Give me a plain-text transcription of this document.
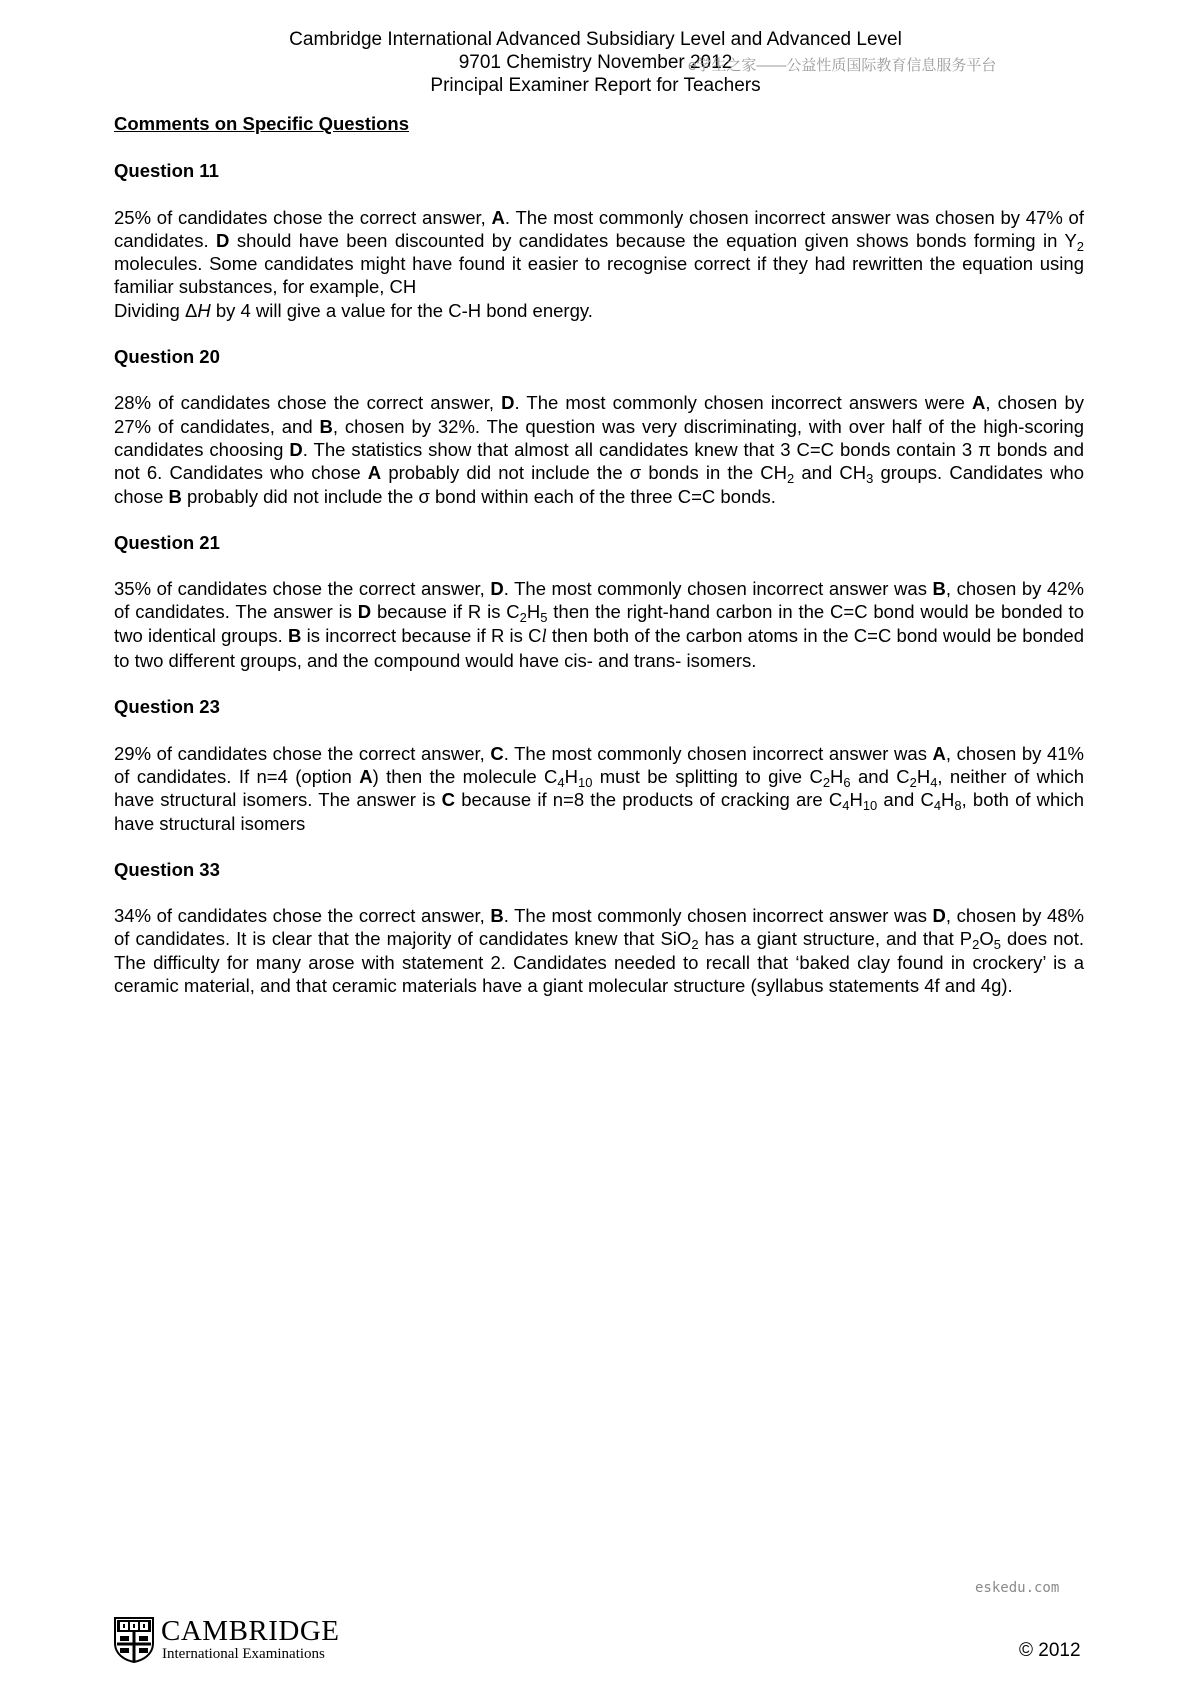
Cambridge International Advanced Subsidiary Level and Advanced Level
9701 Chemistry November 2012
Principal Examiner Report for Teachers
e学生之家——公益性质国际教育信息服务平台
Comments on Specific Questions
Question 11
25% of candidates chose the correct answer, A. The most commonly chosen incorrect answer was chosen by 47% of candidates. D should have been discounted by candidates because the equation given shows bonds forming in $Y_2$ molecules. Some candidates might have found it easier to recognise correct if they had rewritten the equation using familiar substances, for example, CH
Dividing ΔH by 4 will give a value for the C-H bond energy.
Question 20
28% of candidates chose the correct answer, D. The most commonly chosen incorrect answers were A, chosen by 27% of candidates, and B, chosen by 32%. The question was very discriminating, with over half of the high-scoring candidates choosing D. The statistics show that almost all candidates knew that 3 C=C bonds contain 3 π bonds and not 6. Candidates who chose A probably did not include the σ bonds in the $CH_2$ and $CH_3$ groups. Candidates who chose B probably did not include the σ bond within each of the three C=C bonds.
Question 21
35% of candidates chose the correct answer, D. The most commonly chosen incorrect answer was B, chosen by 42% of candidates. The answer is D because if R is $C_2H_5$ then the right-hand carbon in the C=C bond would be bonded to two identical groups. B is incorrect because if R is Cl then both of the carbon atoms in the C=C bond would be bonded to two different groups, and the compound would have cis- and trans- isomers.
Question 23
29% of candidates chose the correct answer, C. The most commonly chosen incorrect answer was A, chosen by 41% of candidates. If n=4 (option A) then the molecule $C_4H_{10}$ must be splitting to give $C_2H_6$ and $C_2H_4$, neither of which have structural isomers. The answer is C because if n=8 the products of cracking are $C_4H_{10}$ and $C_4H_8$, both of which have structural isomers
Question 33
34% of candidates chose the correct answer, B. The most commonly chosen incorrect answer was D, chosen by 48% of candidates. It is clear that the majority of candidates knew that SiO$_2$ has a giant structure, and that $P_2O_5$ does not. The difficulty for many arose with statement 2. Candidates needed to recall that ‘baked clay found in crockery’ is a ceramic material, and that ceramic materials have a giant molecular structure (syllabus statements 4f and 4g).
eskedu.com
CAMBRIDGE
International Examinations	© 2012
